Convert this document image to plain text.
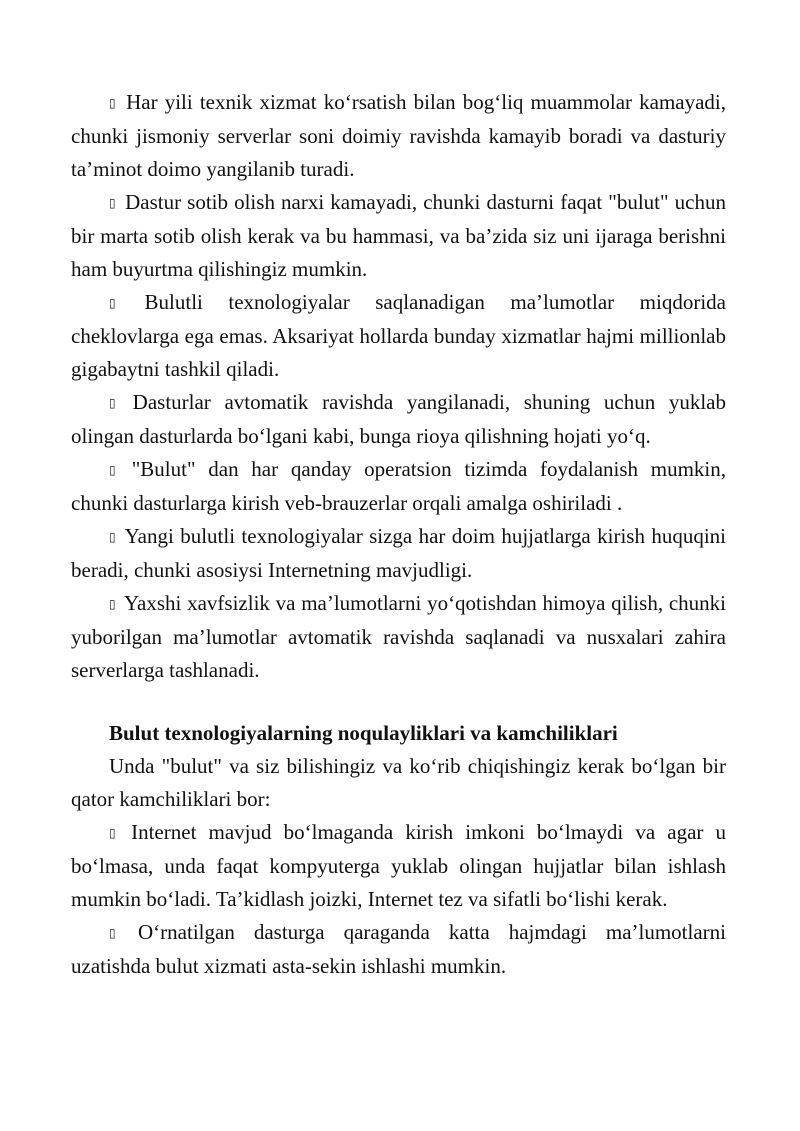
▯ Har yili texnik xizmat koʻrsatish bilan bogʻliq muammolar kamayadi, chunki jismoniy serverlar soni doimiy ravishda kamayib boradi va dasturiy taʼminot doimo yangilanib turadi.

▯ Dastur sotib olish narxi kamayadi, chunki dasturni faqat "bulut" uchun bir marta sotib olish kerak va bu hammasi, va baʼzida siz uni ijaraga berishni ham buyurtma qilishingiz mumkin.

▯ Bulutli texnologiyalar saqlanadigan maʼlumotlar miqdorida cheklovlarga ega emas. Aksariyat hollarda bunday xizmatlar hajmi millionlab gigabaytni tashkil qiladi.

▯ Dasturlar avtomatik ravishda yangilanadi, shuning uchun yuklab olingan dasturlarda boʻlgani kabi, bunga rioya qilishning hojati yoʻq.

▯ "Bulut" dan har qanday operatsion tizimda foydalanish mumkin, chunki dasturlarga kirish veb-brauzerlar orqali amalga oshiriladi .

▯ Yangi bulutli texnologiyalar sizga har doim hujjatlarga kirish huquqini beradi, chunki asosiysi Internetning mavjudligi.

▯ Yaxshi xavfsizlik va maʼlumotlarni yoʻqotishdan himoya qilish, chunki yuborilgan maʼlumotlar avtomatik ravishda saqlanadi va nusxalari zahira serverlarga tashlanadi.

Bulut texnologiyalarning noqulayliklari va kamchiliklari

Unda "bulut" va siz bilishingiz va koʻrib chiqishingiz kerak boʻlgan bir qator kamchiliklari bor:

▯ Internet mavjud boʻlmaganda kirish imkoni boʻlmaydi va agar u boʻlmasa, unda faqat kompyuterga yuklab olingan hujjatlar bilan ishlash mumkin boʻladi. Taʼkidlash joizki, Internet tez va sifatli boʻlishi kerak.

▯ Oʻrnatilgan dasturga qaraganda katta hajmdagi maʼlumotlarni uzatishda bulut xizmati asta-sekin ishlashi mumkin.
